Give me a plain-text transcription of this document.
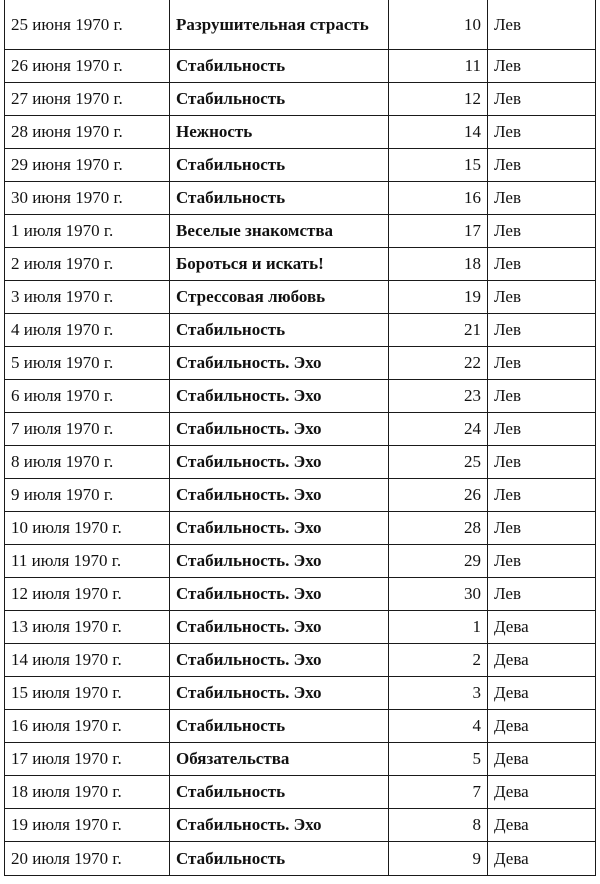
25 июня 1970 г.	Разрушительная страсть	10	Лев
26 июня 1970 г.	Стабильность	11	Лев
27 июня 1970 г.	Стабильность	12	Лев
28 июня 1970 г.	Нежность	14	Лев
29 июня 1970 г.	Стабильность	15	Лев
30 июня 1970 г.	Стабильность	16	Лев
1 июля 1970 г.	Веселые знакомства	17	Лев
2 июля 1970 г.	Бороться и искать!	18	Лев
3 июля 1970 г.	Стрессовая любовь	19	Лев
4 июля 1970 г.	Стабильность	21	Лев
5 июля 1970 г.	Стабильность. Эхо	22	Лев
6 июля 1970 г.	Стабильность. Эхо	23	Лев
7 июля 1970 г.	Стабильность. Эхо	24	Лев
8 июля 1970 г.	Стабильность. Эхо	25	Лев
9 июля 1970 г.	Стабильность. Эхо	26	Лев
10 июля 1970 г.	Стабильность. Эхо	28	Лев
11 июля 1970 г.	Стабильность. Эхо	29	Лев
12 июля 1970 г.	Стабильность. Эхо	30	Лев
13 июля 1970 г.	Стабильность. Эхо	1	Дева
14 июля 1970 г.	Стабильность. Эхо	2	Дева
15 июля 1970 г.	Стабильность. Эхо	3	Дева
16 июля 1970 г.	Стабильность	4	Дева
17 июля 1970 г.	Обязательства	5	Дева
18 июля 1970 г.	Стабильность	7	Дева
19 июля 1970 г.	Стабильность. Эхо	8	Дева
20 июля 1970 г.	Стабильность	9	Дева
